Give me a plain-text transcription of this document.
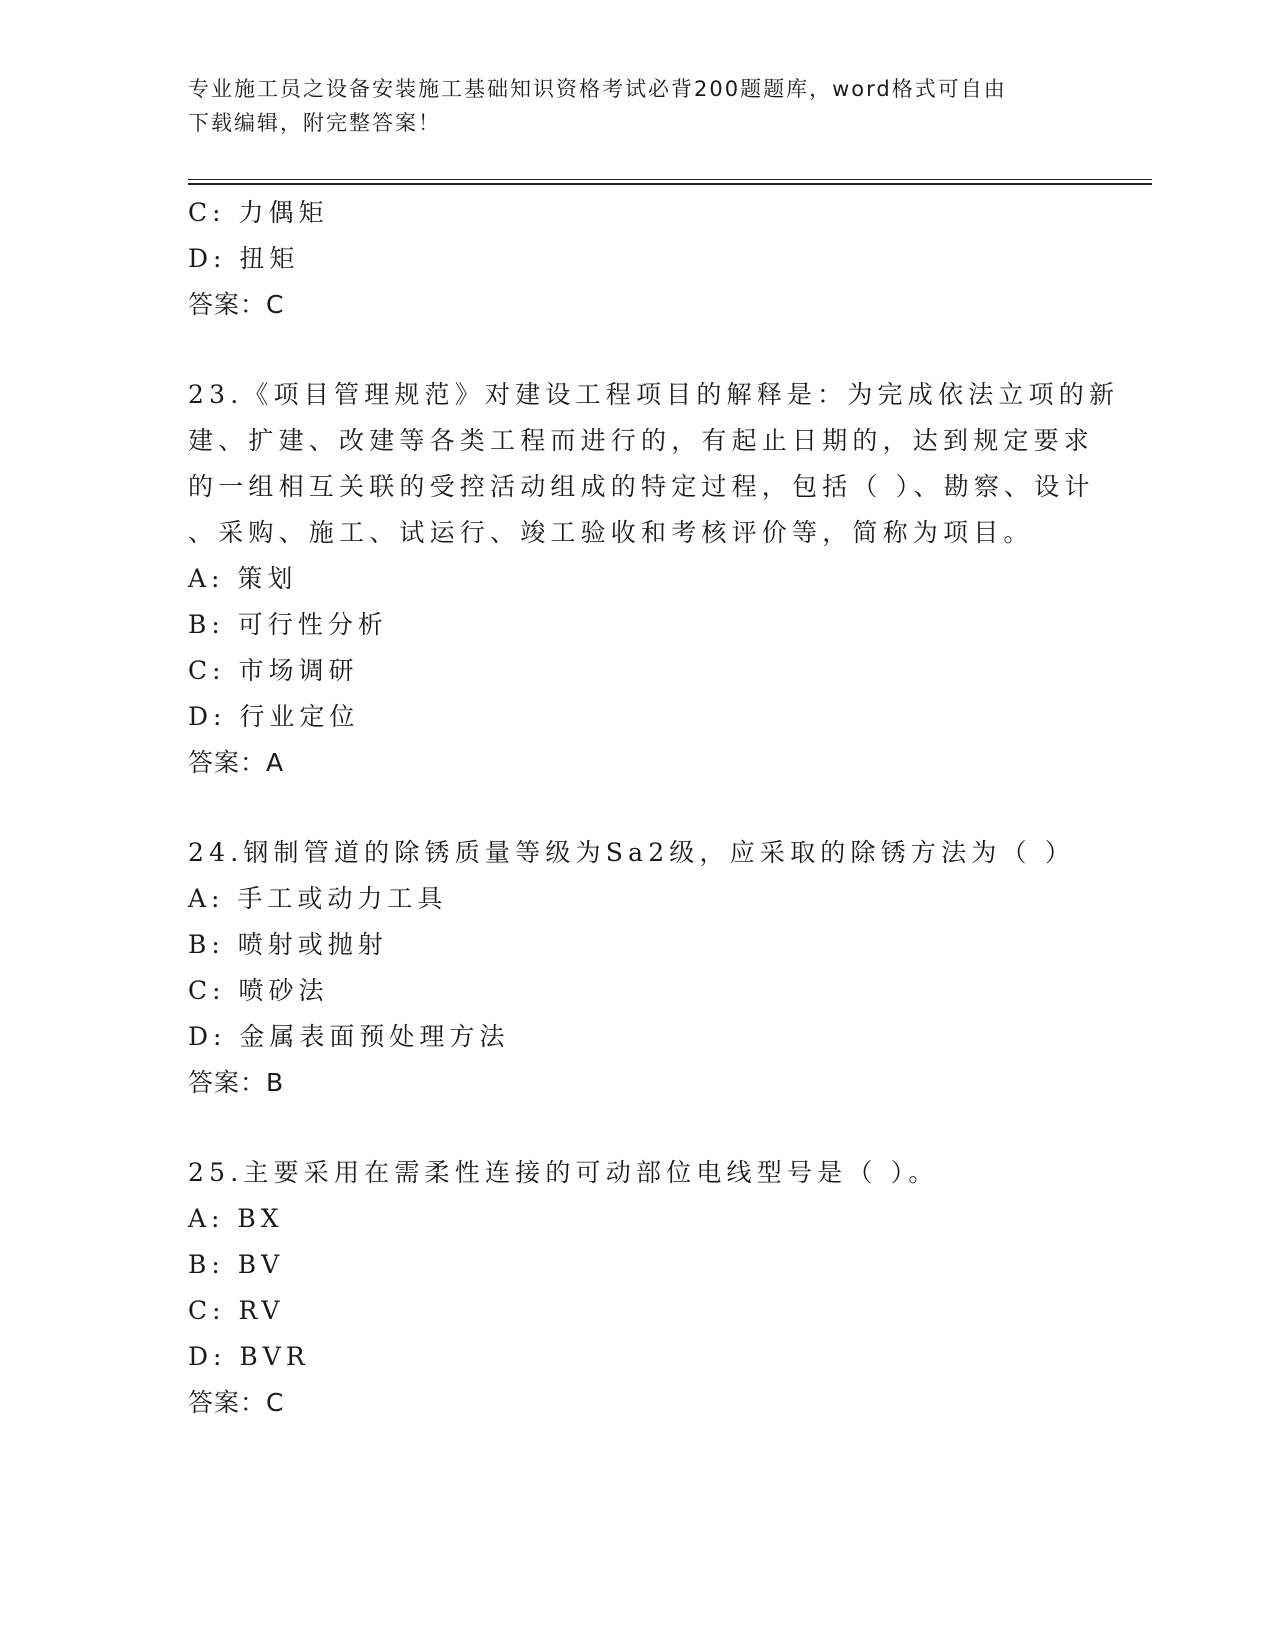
专业施工员之设备安装施工基础知识资格考试必背200题题库，word格式可自由
下载编辑，附完整答案！
C: 力偶矩
D: 扭矩
答案：C
23.《项目管理规范》对建设工程项目的解释是：为完成依法立项的新
建、扩建、改建等各类工程而进行的，有起止日期的，达到规定要求
的一组相互关联的受控活动组成的特定过程，包括（ ）、勘察、设计
、采购、施工、试运行、竣工验收和考核评价等，简称为项目。
A: 策划
B: 可行性分析
C: 市场调研
D: 行业定位
答案：A
24.钢制管道的除锈质量等级为Sa2级，应采取的除锈方法为（ ）
A: 手工或动力工具
B: 喷射或抛射
C: 喷砂法
D: 金属表面预处理方法
答案：B
25.主要采用在需柔性连接的可动部位电线型号是（ ）。
A: BX
B: BV
C: RV
D: BVR
答案：C
